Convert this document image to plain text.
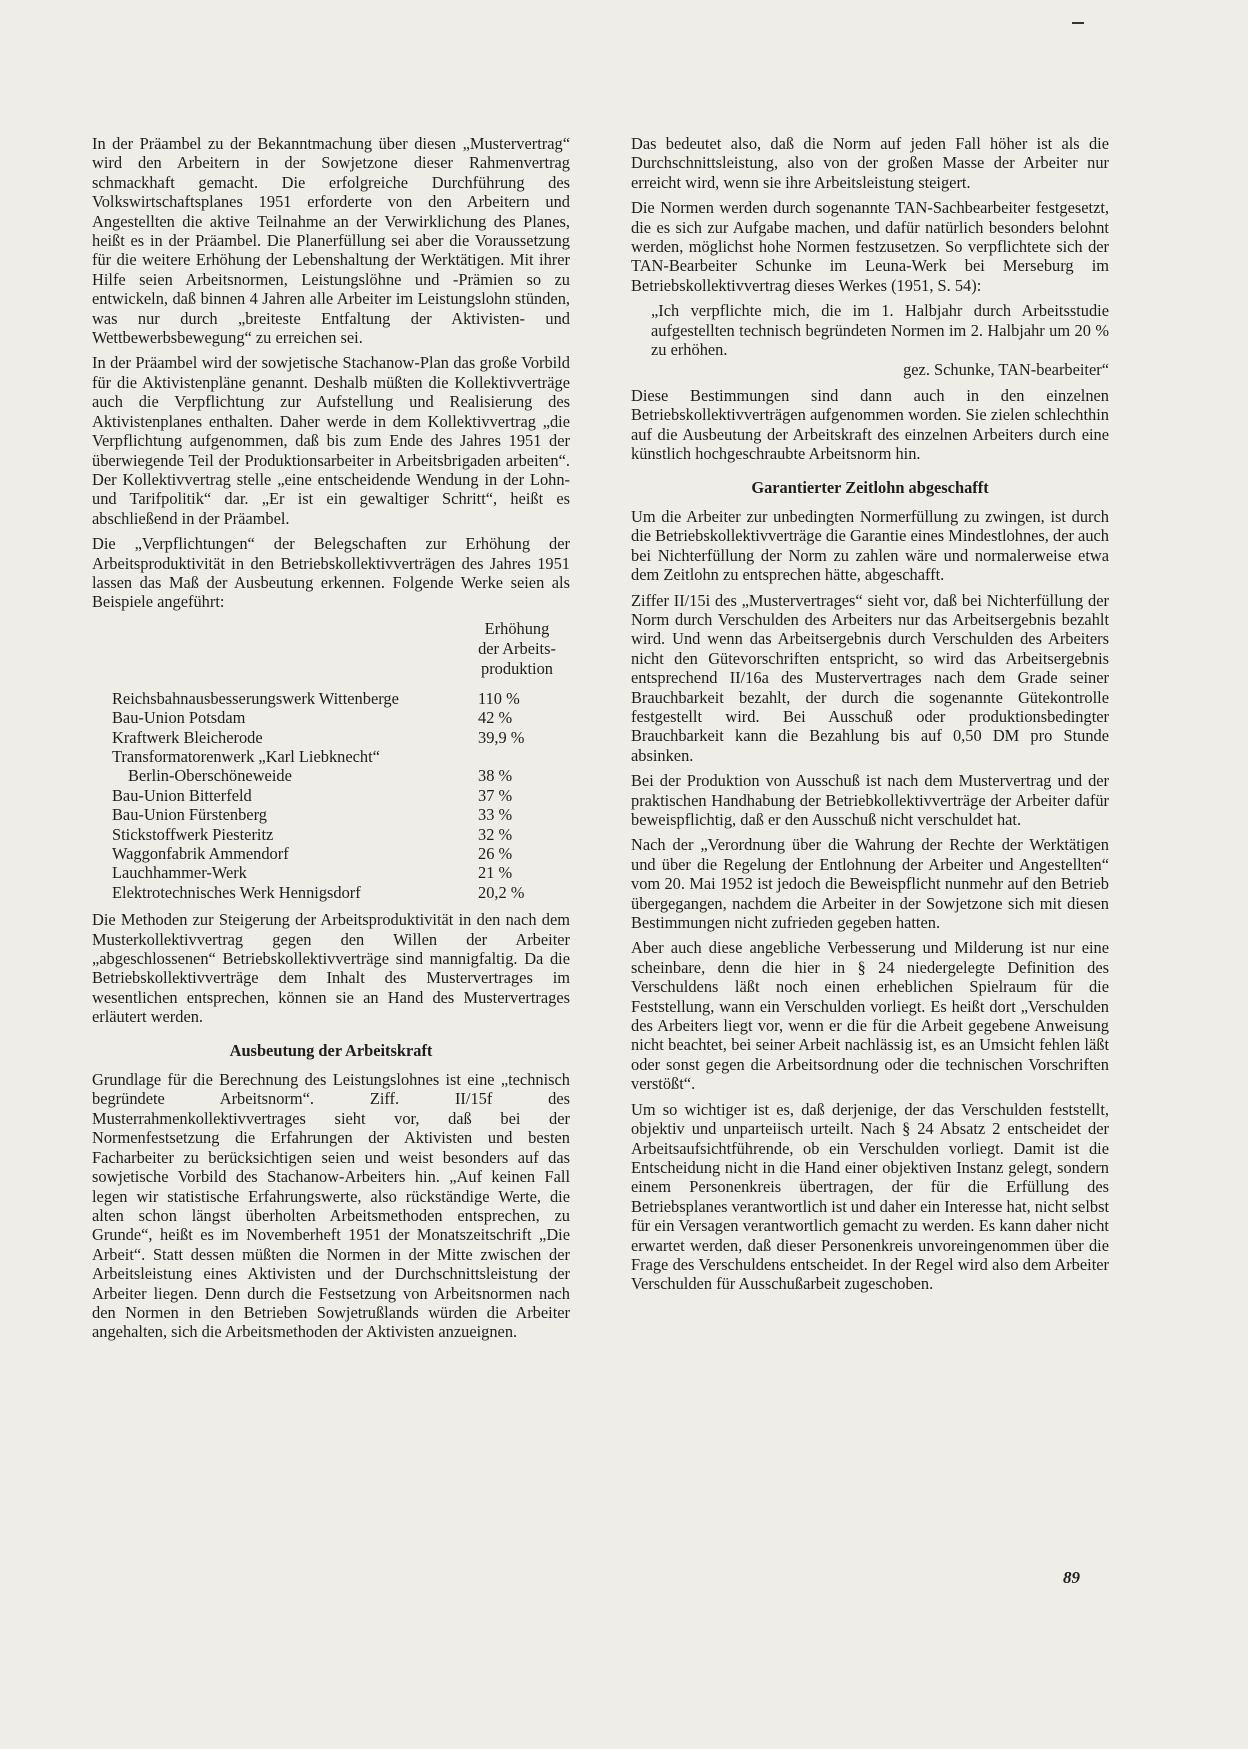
In der Präambel zu der Bekanntmachung über diesen „Mustervertrag“ wird den Arbeitern in der Sowjetzone dieser Rahmenvertrag schmackhaft gemacht. Die erfolgreiche Durchführung des Volkswirtschaftsplanes 1951 erforderte von den Arbeitern und Angestellten die aktive Teilnahme an der Verwirklichung des Planes, heißt es in der Präambel. Die Planerfüllung sei aber die Voraussetzung für die weitere Erhöhung der Lebenshaltung der Werktätigen. Mit ihrer Hilfe seien Arbeitsnormen, Leistungslöhne und -Prämien so zu entwickeln, daß binnen 4 Jahren alle Arbeiter im Leistungslohn stünden, was nur durch „breiteste Entfaltung der Aktivisten- und Wettbewerbsbewegung“ zu erreichen sei.

In der Präambel wird der sowjetische Stachanow-Plan das große Vorbild für die Aktivistenpläne genannt. Deshalb müßten die Kollektivverträge auch die Verpflichtung zur Aufstellung und Realisierung des Aktivistenplanes enthalten. Daher werde in dem Kollektivvertrag „die Verpflichtung aufgenommen, daß bis zum Ende des Jahres 1951 der überwiegende Teil der Produktionsarbeiter in Arbeitsbrigaden arbeiten“. Der Kollektivvertrag stelle „eine entscheidende Wendung in der Lohn- und Tarifpolitik“ dar. „Er ist ein gewaltiger Schritt“, heißt es abschließend in der Präambel.

Die „Verpflichtungen“ der Belegschaften zur Erhöhung der Arbeitsproduktivität in den Betriebskollektivverträgen des Jahres 1951 lassen das Maß der Ausbeutung erkennen. Folgende Werke seien als Beispiele angeführt:

	Erhöhung
der Arbeits-
produktion
Reichsbahnausbesserungswerk Wittenberge	110 %
Bau-Union Potsdam	42 %
Kraftwerk Bleicherode	39,9 %
Transformatorenwerk „Karl Liebknecht“	
Berlin-Oberschöneweide	38 %
Bau-Union Bitterfeld	37 %
Bau-Union Fürstenberg	33 %
Stickstoffwerk Piesteritz	32 %
Waggonfabrik Ammendorf	26 %
Lauchhammer-Werk	21 %
Elektrotechnisches Werk Hennigsdorf	20,2 %

Die Methoden zur Steigerung der Arbeitsproduktivität in den nach dem Musterkollektivvertrag gegen den Willen der Arbeiter „abgeschlossenen“ Betriebskollektivverträge sind mannigfaltig. Da die Betriebskollektivverträge dem Inhalt des Mustervertrages im wesentlichen entsprechen, können sie an Hand des Mustervertrages erläutert werden.

Ausbeutung der Arbeitskraft

Grundlage für die Berechnung des Leistungslohnes ist eine „technisch begründete Arbeitsnorm“. Ziff. II/15f des Musterrahmenkollektivvertrages sieht vor, daß bei der Normenfestsetzung die Erfahrungen der Aktivisten und besten Facharbeiter zu berücksichtigen seien und weist besonders auf das sowjetische Vorbild des Stachanow-Arbeiters hin. „Auf keinen Fall legen wir statistische Erfahrungswerte, also rückständige Werte, die alten schon längst überholten Arbeitsmethoden entsprechen, zu Grunde“, heißt es im Novemberheft 1951 der Monatszeitschrift „Die Arbeit“. Statt dessen müßten die Normen in der Mitte zwischen der Arbeitsleistung eines Aktivisten und der Durchschnittsleistung der Arbeiter liegen. Denn durch die Festsetzung von Arbeitsnormen nach den Normen in den Betrieben Sowjetrußlands würden die Arbeiter angehalten, sich die Arbeitsmethoden der Aktivisten anzueignen.

Das bedeutet also, daß die Norm auf jeden Fall höher ist als die Durchschnittsleistung, also von der großen Masse der Arbeiter nur erreicht wird, wenn sie ihre Arbeitsleistung steigert.

Die Normen werden durch sogenannte TAN-Sachbearbeiter festgesetzt, die es sich zur Aufgabe machen, und dafür natürlich besonders belohnt werden, möglichst hohe Normen festzusetzen. So verpflichtete sich der TAN-Bearbeiter Schunke im Leuna-Werk bei Merseburg im Betriebskollektivvertrag dieses Werkes (1951, S. 54):

„Ich verpflichte mich, die im 1. Halbjahr durch Arbeitsstudie aufgestellten technisch begründeten Normen im 2. Halbjahr um 20 % zu erhöhen.
gez. Schunke, TAN-bearbeiter“

Diese Bestimmungen sind dann auch in den einzelnen Betriebskollektivverträgen aufgenommen worden. Sie zielen schlechthin auf die Ausbeutung der Arbeitskraft des einzelnen Arbeiters durch eine künstlich hochgeschraubte Arbeitsnorm hin.

Garantierter Zeitlohn abgeschafft

Um die Arbeiter zur unbedingten Normerfüllung zu zwingen, ist durch die Betriebskollektivverträge die Garantie eines Mindestlohnes, der auch bei Nichterfüllung der Norm zu zahlen wäre und normalerweise etwa dem Zeitlohn zu entsprechen hätte, abgeschafft.

Ziffer II/15i des „Mustervertrages“ sieht vor, daß bei Nichterfüllung der Norm durch Verschulden des Arbeiters nur das Arbeitsergebnis bezahlt wird. Und wenn das Arbeitsergebnis durch Verschulden des Arbeiters nicht den Gütevorschriften entspricht, so wird das Arbeitsergebnis entsprechend II/16a des Mustervertrages nach dem Grade seiner Brauchbarkeit bezahlt, der durch die sogenannte Gütekontrolle festgestellt wird. Bei Ausschuß oder produktionsbedingter Brauchbarkeit kann die Bezahlung bis auf 0,50 DM pro Stunde absinken.

Bei der Produktion von Ausschuß ist nach dem Mustervertrag und der praktischen Handhabung der Betriebkollektivverträge der Arbeiter dafür beweispflichtig, daß er den Ausschuß nicht verschuldet hat.

Nach der „Verordnung über die Wahrung der Rechte der Werktätigen und über die Regelung der Entlohnung der Arbeiter und Angestellten“ vom 20. Mai 1952 ist jedoch die Beweispflicht nunmehr auf den Betrieb übergegangen, nachdem die Arbeiter in der Sowjetzone sich mit diesen Bestimmungen nicht zufrieden gegeben hatten.

Aber auch diese angebliche Verbesserung und Milderung ist nur eine scheinbare, denn die hier in § 24 niedergelegte Definition des Verschuldens läßt noch einen erheblichen Spielraum für die Feststellung, wann ein Verschulden vorliegt. Es heißt dort „Verschulden des Arbeiters liegt vor, wenn er die für die Arbeit gegebene Anweisung nicht beachtet, bei seiner Arbeit nachlässig ist, es an Umsicht fehlen läßt oder sonst gegen die Arbeitsordnung oder die technischen Vorschriften verstößt“.

Um so wichtiger ist es, daß derjenige, der das Verschulden feststellt, objektiv und unparteiisch urteilt. Nach § 24 Absatz 2 entscheidet der Arbeitsaufsichtführende, ob ein Verschulden vorliegt. Damit ist die Entscheidung nicht in die Hand einer objektiven Instanz gelegt, sondern einem Personenkreis übertragen, der für die Erfüllung des Betriebsplanes verantwortlich ist und daher ein Interesse hat, nicht selbst für ein Versagen verantwortlich gemacht zu werden. Es kann daher nicht erwartet werden, daß dieser Personenkreis unvoreingenommen über die Frage des Verschuldens entscheidet. In der Regel wird also dem Arbeiter Verschulden für Ausschußarbeit zugeschoben.

89
